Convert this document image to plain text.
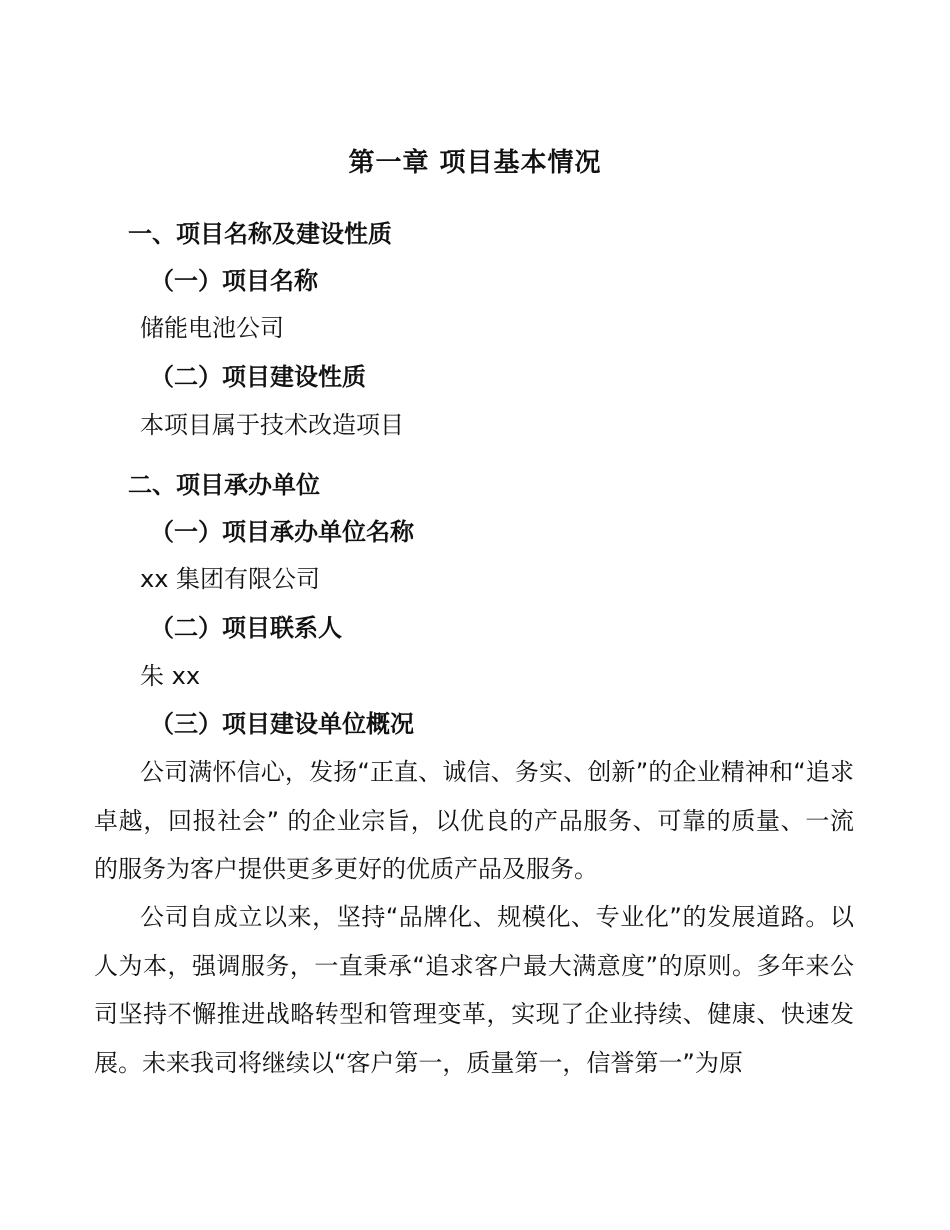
第一章 项目基本情况
一、项目名称及建设性质
（一）项目名称
储能电池公司
（二）项目建设性质
本项目属于技术改造项目
二、项目承办单位
（一）项目承办单位名称
xx 集团有限公司
（二）项目联系人
朱 xx
（三）项目建设单位概况
公司满怀信心，发扬“正直、诚信、务实、创新”的企业精神和“追求卓越，回报社会” 的企业宗旨，以优良的产品服务、可靠的质量、一流的服务为客户提供更多更好的优质产品及服务。
公司自成立以来，坚持“品牌化、规模化、专业化”的发展道路。以人为本，强调服务，一直秉承“追求客户最大满意度”的原则。多年来公司坚持不懈推进战略转型和管理变革，实现了企业持续、健康、快速发展。未来我司将继续以“客户第一，质量第一，信誉第一”为原
